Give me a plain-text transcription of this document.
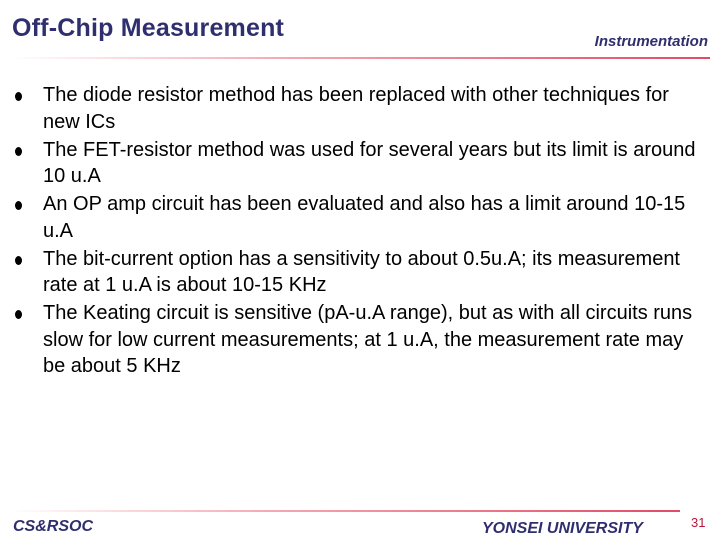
Off-Chip Measurement	Instrumentation
The diode resistor method has been replaced with other techniques for new ICs
The FET-resistor method was used for several years but its limit is around 10 u.A
An OP amp circuit has been evaluated and also has a limit around 10-15 u.A
The bit-current option has a sensitivity to about 0.5u.A; its measurement rate at 1 u.A is about 10-15 KHz
The Keating circuit is sensitive (pA-u.A range), but as with all circuits runs slow for low current measurements; at 1 u.A, the measurement rate may be about 5 KHz
CS&RSOC	YONSEI UNIVERSITY	31
